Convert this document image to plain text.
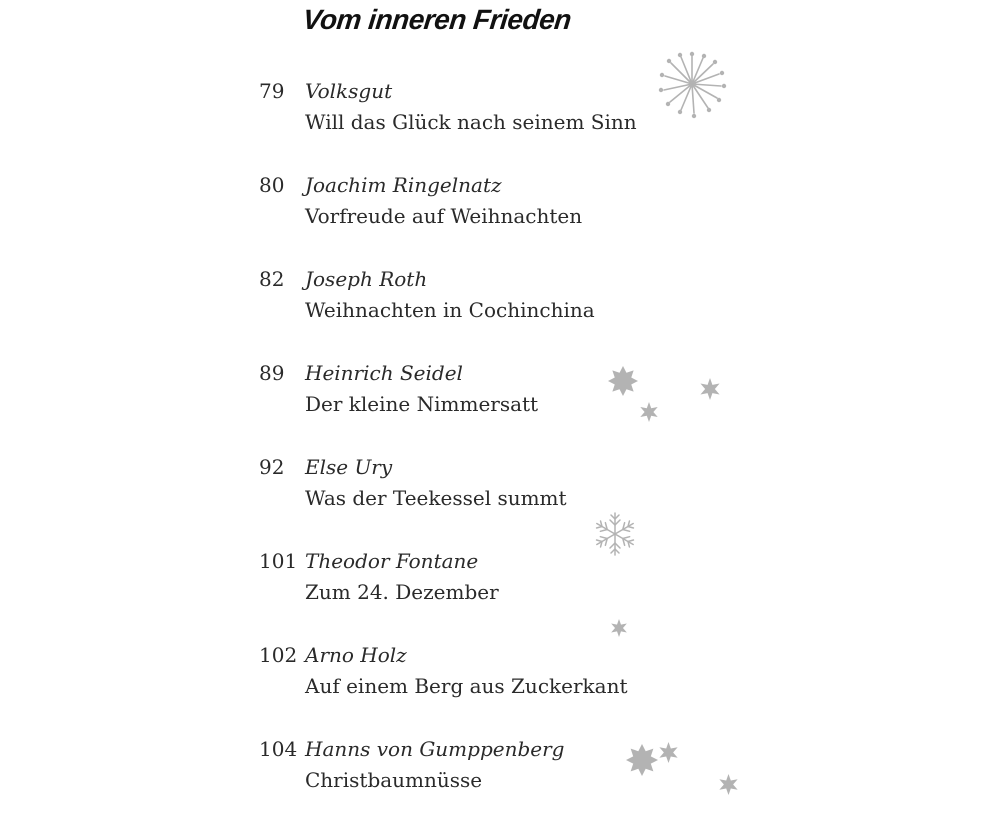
Vom inneren Frieden
79 Volksgut
Will das Glück nach seinem Sinn
80 Joachim Ringelnatz
Vorfreude auf Weihnachten
82 Joseph Roth
Weihnachten in Cochinchina
89 Heinrich Seidel
Der kleine Nimmersatt
92 Else Ury
Was der Teekessel summt
101 Theodor Fontane
Zum 24. Dezember
102 Arno Holz
Auf einem Berg aus Zuckerkant
104 Hanns von Gumppenberg
Christbaumnüsse
